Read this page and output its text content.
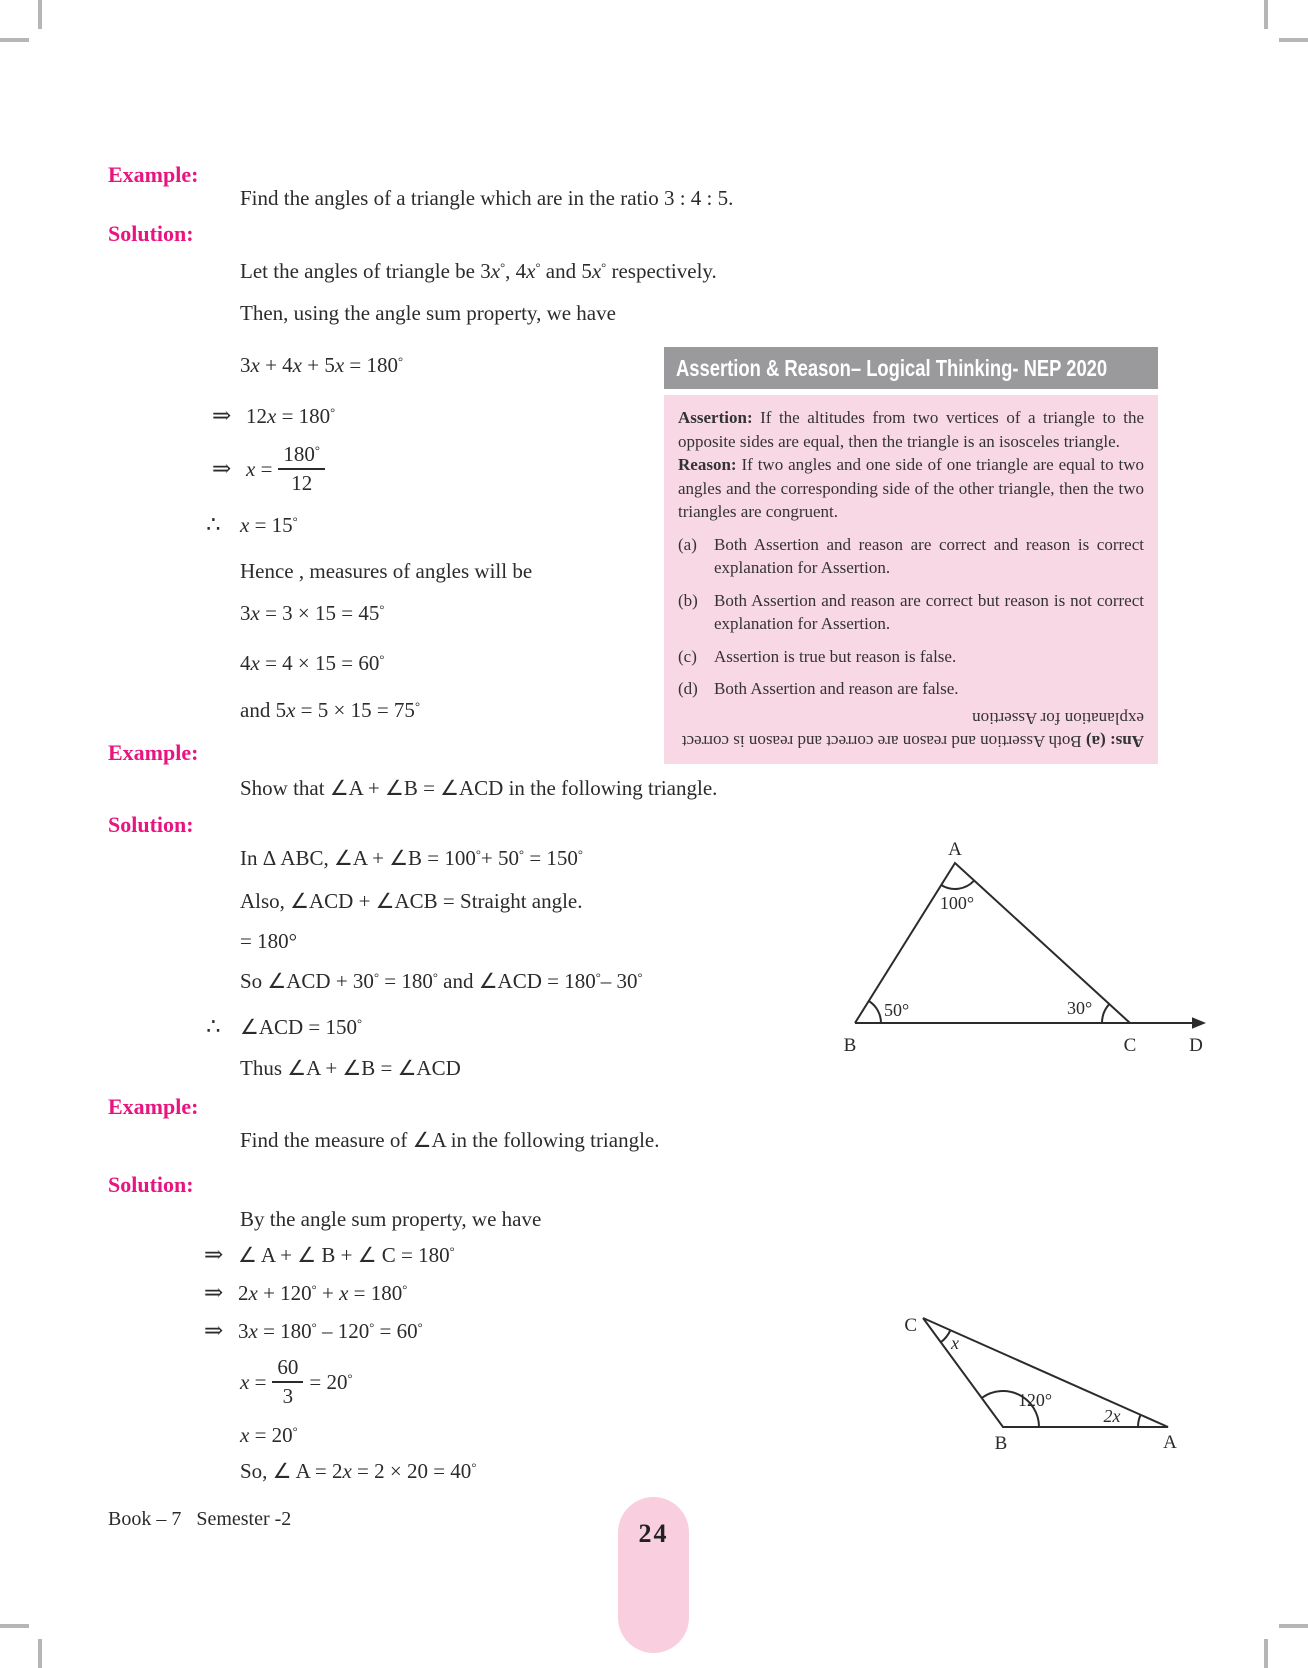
Example:
Find the angles of a triangle which are in the ratio 3 : 4 : 5.
Solution:
Let the angles of triangle be 3x°, 4x° and 5x° respectively.
Then, using the angle sum property, we have
3x + 4x + 5x = 180°
⇒ 12x = 180°
⇒ $x = \frac{180^\circ}{12}$
∴ x = 15°
Hence , measures of angles will be
3x = 3 × 15 = 45°
4x = 4 × 15 = 60°
and 5x = 5 × 15 = 75°
Assertion & Reason– Logical Thinking- NEP 2020

Assertion: If the altitudes from two vertices of a triangle to the opposite sides are equal, then the triangle is an isosceles triangle.

Reason: If two angles and one side of one triangle are equal to two angles and the corresponding side of the other triangle, then the two triangles are congruent.

(a)	Both Assertion and reason are correct and reason is correct explanation for Assertion.
(b) Both Assertion and reason are correct but reason is not correct explanation for Assertion.
(c)	Assertion is true but reason is false.
(d) Both Assertion and reason are false.
Ans: (a) Both Assertion and reason are correct and reason is correct explanation for Assertion
Example:
Show that ∠A + ∠B = ∠ACD in the following triangle.
Solution:
In Δ ABC, ∠A + ∠B = 100°+ 50° = 150°
Also, ∠ACD + ∠ACB = Straight angle.
= 180°
So ∠ACD + 30° = 180° and ∠ACD = 180°– 30°
∴ ∠ACD = 150°
Thus ∠A + ∠B = ∠ACD
A
B	C	D
100°
50°	30°
Example:
Find the measure of ∠A in the following triangle.
Solution:
By the angle sum property, we have
⇒ ∠ A + ∠ B + ∠ C = 180°
⇒ 2x + 120° + x = 180°
⇒ 3x = 180° – 120° = 60°
$x = \frac{60}{3} = 20^\circ$
x = 20°
So, ∠ A = 2x = 2 × 20 = 40°
C
B	A
x
120°
2x
Book – 7   Semester -2	24
